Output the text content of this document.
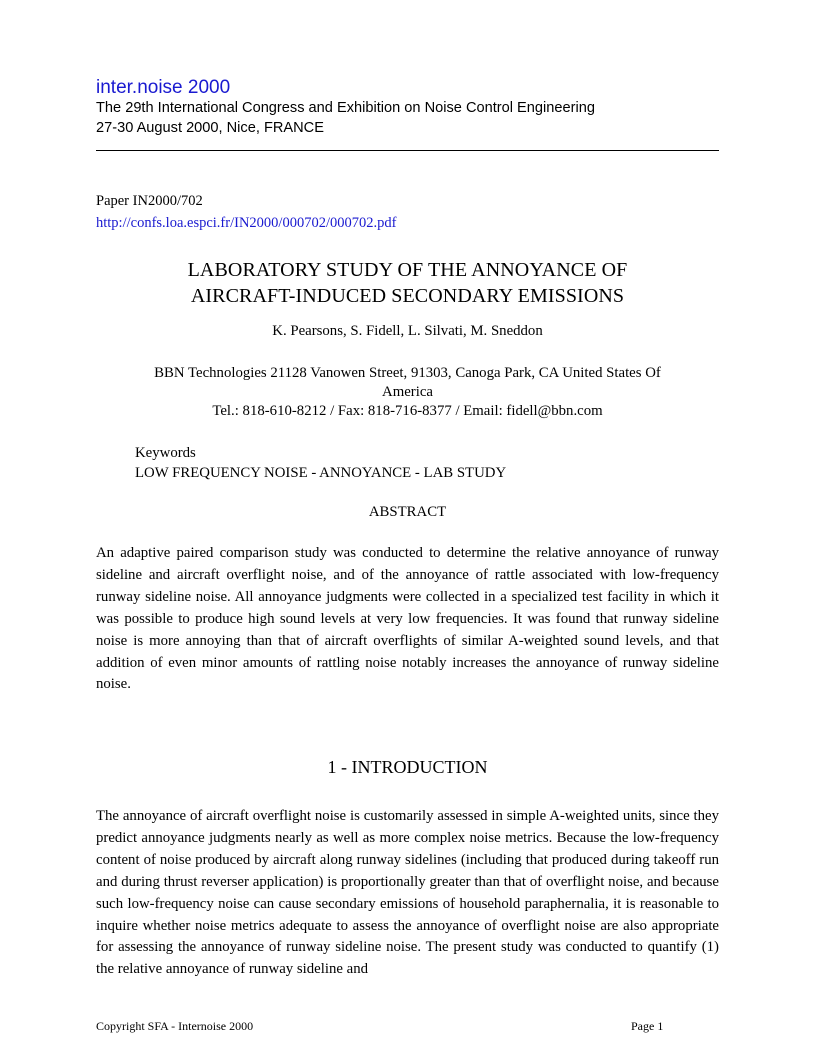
inter.noise 2000
The 29th International Congress and Exhibition on Noise Control Engineering
27-30 August 2000, Nice, FRANCE
Paper IN2000/702
http://confs.loa.espci.fr/IN2000/000702/000702.pdf
LABORATORY STUDY OF THE ANNOYANCE OF
AIRCRAFT-INDUCED SECONDARY EMISSIONS
K. Pearsons, S. Fidell, L. Silvati, M. Sneddon
BBN Technologies 21128 Vanowen Street, 91303, Canoga Park, CA United States Of
America
Tel.: 818-610-8212 / Fax: 818-716-8377 / Email: fidell@bbn.com
Keywords
LOW FREQUENCY NOISE - ANNOYANCE - LAB STUDY
ABSTRACT

An adaptive paired comparison study was conducted to determine the relative annoyance of runway sideline and aircraft overflight noise, and of the annoyance of rattle associated with low-frequency runway sideline noise. All annoyance judgments were collected in a specialized test facility in which it was possible to produce high sound levels at very low frequencies. It was found that runway sideline noise is more annoying than that of aircraft overflights of similar A-weighted sound levels, and that addition of even minor amounts of rattling noise notably increases the annoyance of runway sideline noise.

1 - INTRODUCTION

The annoyance of aircraft overflight noise is customarily assessed in simple A-weighted units, since they predict annoyance judgments nearly as well as more complex noise metrics. Because the low-frequency content of noise produced by aircraft along runway sidelines (including that produced during takeoff run and during thrust reverser application) is proportionally greater than that of overflight noise, and because such low-frequency noise can cause secondary emissions of household paraphernalia, it is reasonable to inquire whether noise metrics adequate to assess the annoyance of overflight noise are also appropriate for assessing the annoyance of runway sideline noise. The present study was conducted to quantify (1) the relative annoyance of runway sideline and

Copyright SFA - Internoise 2000	Page 1
